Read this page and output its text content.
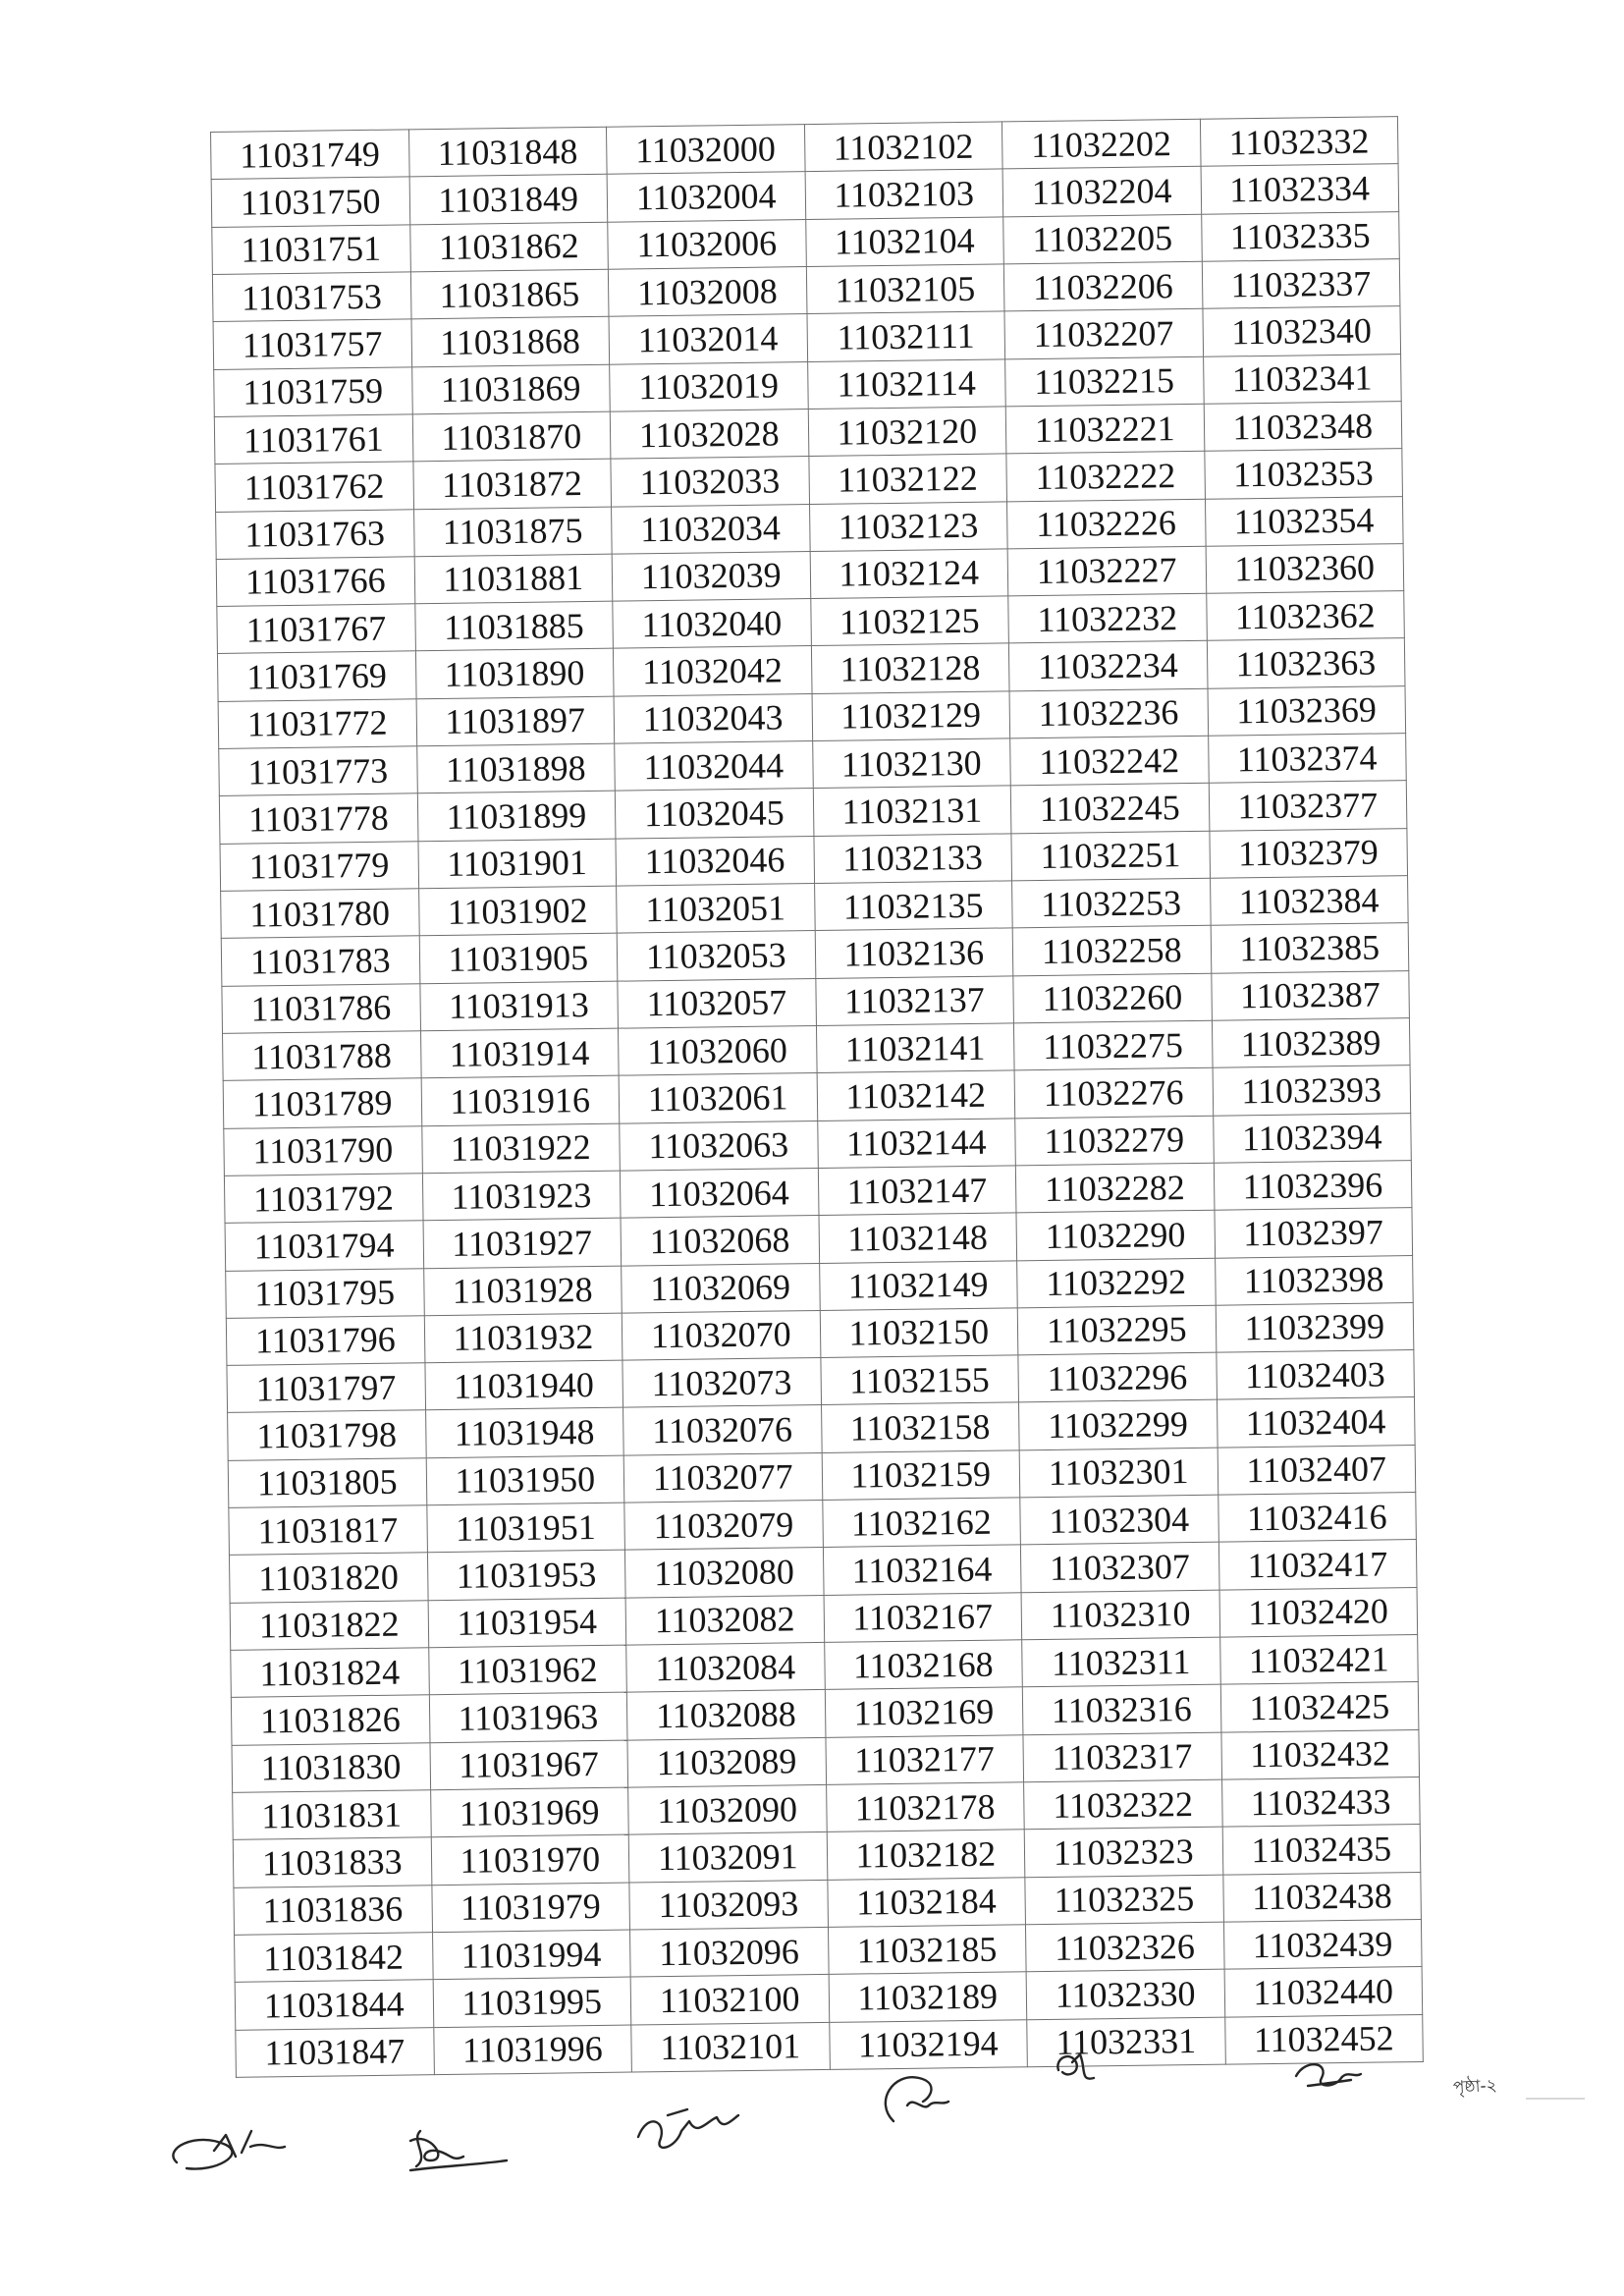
11031749	11031848	11032000	11032102	11032202	11032332
11031750	11031849	11032004	11032103	11032204	11032334
11031751	11031862	11032006	11032104	11032205	11032335
11031753	11031865	11032008	11032105	11032206	11032337
11031757	11031868	11032014	11032111	11032207	11032340
11031759	11031869	11032019	11032114	11032215	11032341
11031761	11031870	11032028	11032120	11032221	11032348
11031762	11031872	11032033	11032122	11032222	11032353
11031763	11031875	11032034	11032123	11032226	11032354
11031766	11031881	11032039	11032124	11032227	11032360
11031767	11031885	11032040	11032125	11032232	11032362
11031769	11031890	11032042	11032128	11032234	11032363
11031772	11031897	11032043	11032129	11032236	11032369
11031773	11031898	11032044	11032130	11032242	11032374
11031778	11031899	11032045	11032131	11032245	11032377
11031779	11031901	11032046	11032133	11032251	11032379
11031780	11031902	11032051	11032135	11032253	11032384
11031783	11031905	11032053	11032136	11032258	11032385
11031786	11031913	11032057	11032137	11032260	11032387
11031788	11031914	11032060	11032141	11032275	11032389
11031789	11031916	11032061	11032142	11032276	11032393
11031790	11031922	11032063	11032144	11032279	11032394
11031792	11031923	11032064	11032147	11032282	11032396
11031794	11031927	11032068	11032148	11032290	11032397
11031795	11031928	11032069	11032149	11032292	11032398
11031796	11031932	11032070	11032150	11032295	11032399
11031797	11031940	11032073	11032155	11032296	11032403
11031798	11031948	11032076	11032158	11032299	11032404
11031805	11031950	11032077	11032159	11032301	11032407
11031817	11031951	11032079	11032162	11032304	11032416
11031820	11031953	11032080	11032164	11032307	11032417
11031822	11031954	11032082	11032167	11032310	11032420
11031824	11031962	11032084	11032168	11032311	11032421
11031826	11031963	11032088	11032169	11032316	11032425
11031830	11031967	11032089	11032177	11032317	11032432
11031831	11031969	11032090	11032178	11032322	11032433
11031833	11031970	11032091	11032182	11032323	11032435
11031836	11031979	11032093	11032184	11032325	11032438
11031842	11031994	11032096	11032185	11032326	11032439
11031844	11031995	11032100	11032189	11032330	11032440
11031847	11031996	11032101	11032194	11032331	11032452
পৃষ্ঠা-২
